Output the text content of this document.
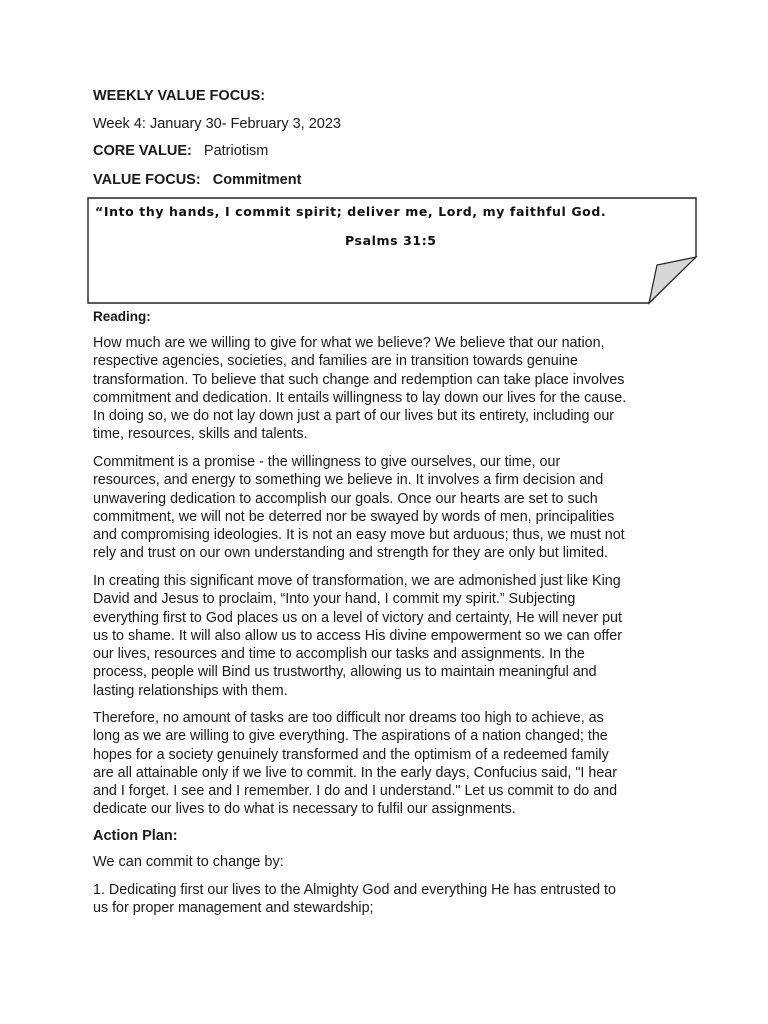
WEEKLY VALUE FOCUS:
Week 4: January 30- February 3, 2023
CORE VALUE: Patriotism
VALUE FOCUS: Commitment
“Into thy hands, I commit spirit; deliver me, Lord, my faithful God.
Psalms 31:5
Reading:
How much are we willing to give for what we believe? We believe that our nation,
respective agencies, societies, and families are in transition towards genuine
transformation. To believe that such change and redemption can take place involves
commitment and dedication. It entails willingness to lay down our lives for the cause.
In doing so, we do not lay down just a part of our lives but its entirety, including our
time, resources, skills and talents.
Commitment is a promise - the willingness to give ourselves, our time, our
resources, and energy to something we believe in. It involves a firm decision and
unwavering dedication to accomplish our goals. Once our hearts are set to such
commitment, we will not be deterred nor be swayed by words of men, principalities
and compromising ideologies. It is not an easy move but arduous; thus, we must not
rely and trust on our own understanding and strength for they are only but limited.
In creating this significant move of transformation, we are admonished just like King
David and Jesus to proclaim, “Into your hand, I commit my spirit.” Subjecting
everything first to God places us on a level of victory and certainty, He will never put
us to shame. It will also allow us to access His divine empowerment so we can offer
our lives, resources and time to accomplish our tasks and assignments. In the
process, people will Bind us trustworthy, allowing us to maintain meaningful and
lasting relationships with them.
Therefore, no amount of tasks are too difficult nor dreams too high to achieve, as
long as we are willing to give everything. The aspirations of a nation changed; the
hopes for a society genuinely transformed and the optimism of a redeemed family
are all attainable only if we live to commit. In the early days, Confucius said, "I hear
and I forget. I see and I remember. I do and I understand." Let us commit to do and
dedicate our lives to do what is necessary to fulfil our assignments.
Action Plan:
We can commit to change by:
1. Dedicating first our lives to the Almighty God and everything He has entrusted to
us for proper management and stewardship;
